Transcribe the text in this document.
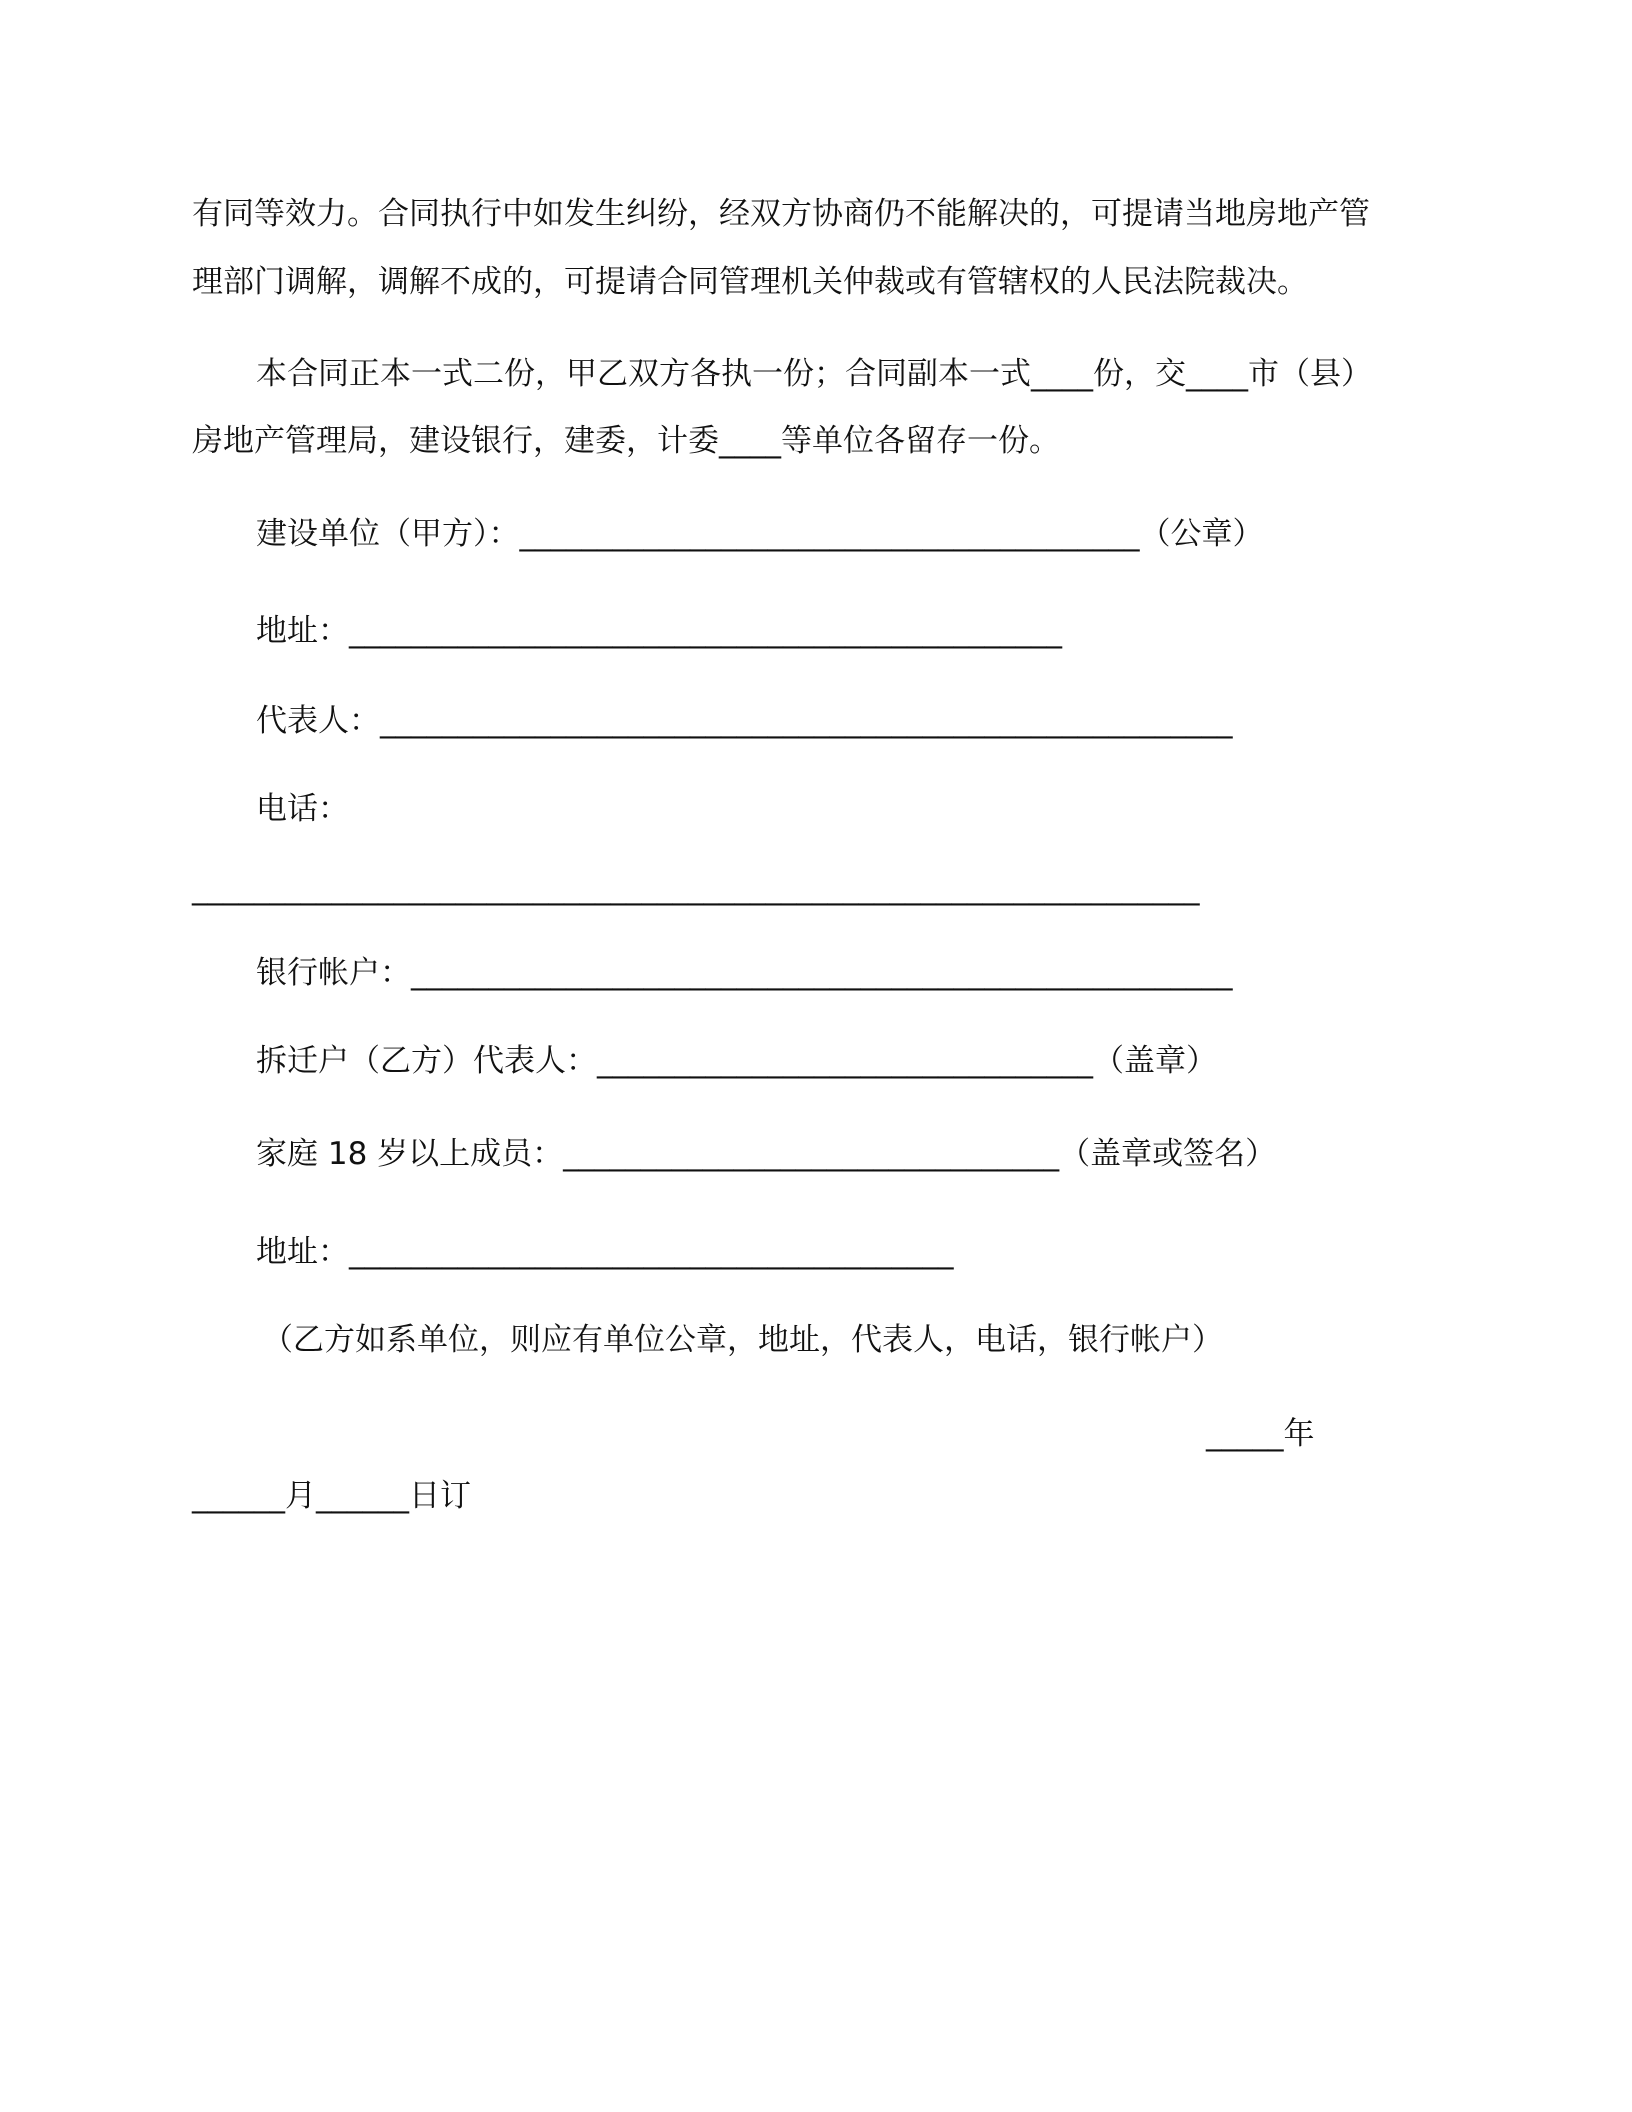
有同等效力。合同执行中如发生纠纷，经双方协商仍不能解决的，可提请当地房地产管
理部门调解，调解不成的，可提请合同管理机关仲裁或有管辖权的人民法院裁决。
本合同正本一式二份，甲乙双方各执一份；合同副本一式____份，交____市（县）
房地产管理局，建设银行，建委，计委____等单位各留存一份。
建设单位（甲方）：________________________________________（公章）
地址：______________________________________________
代表人：_______________________________________________________
电话：
_________________________________________________________________
银行帐户：_____________________________________________________
拆迁户（乙方）代表人：________________________________（盖章）
家庭 18 岁以上成员：________________________________（盖章或签名）
地址：_______________________________________
（乙方如系单位，则应有单位公章，地址，代表人，电话，银行帐户）
_____年
______月______日订
